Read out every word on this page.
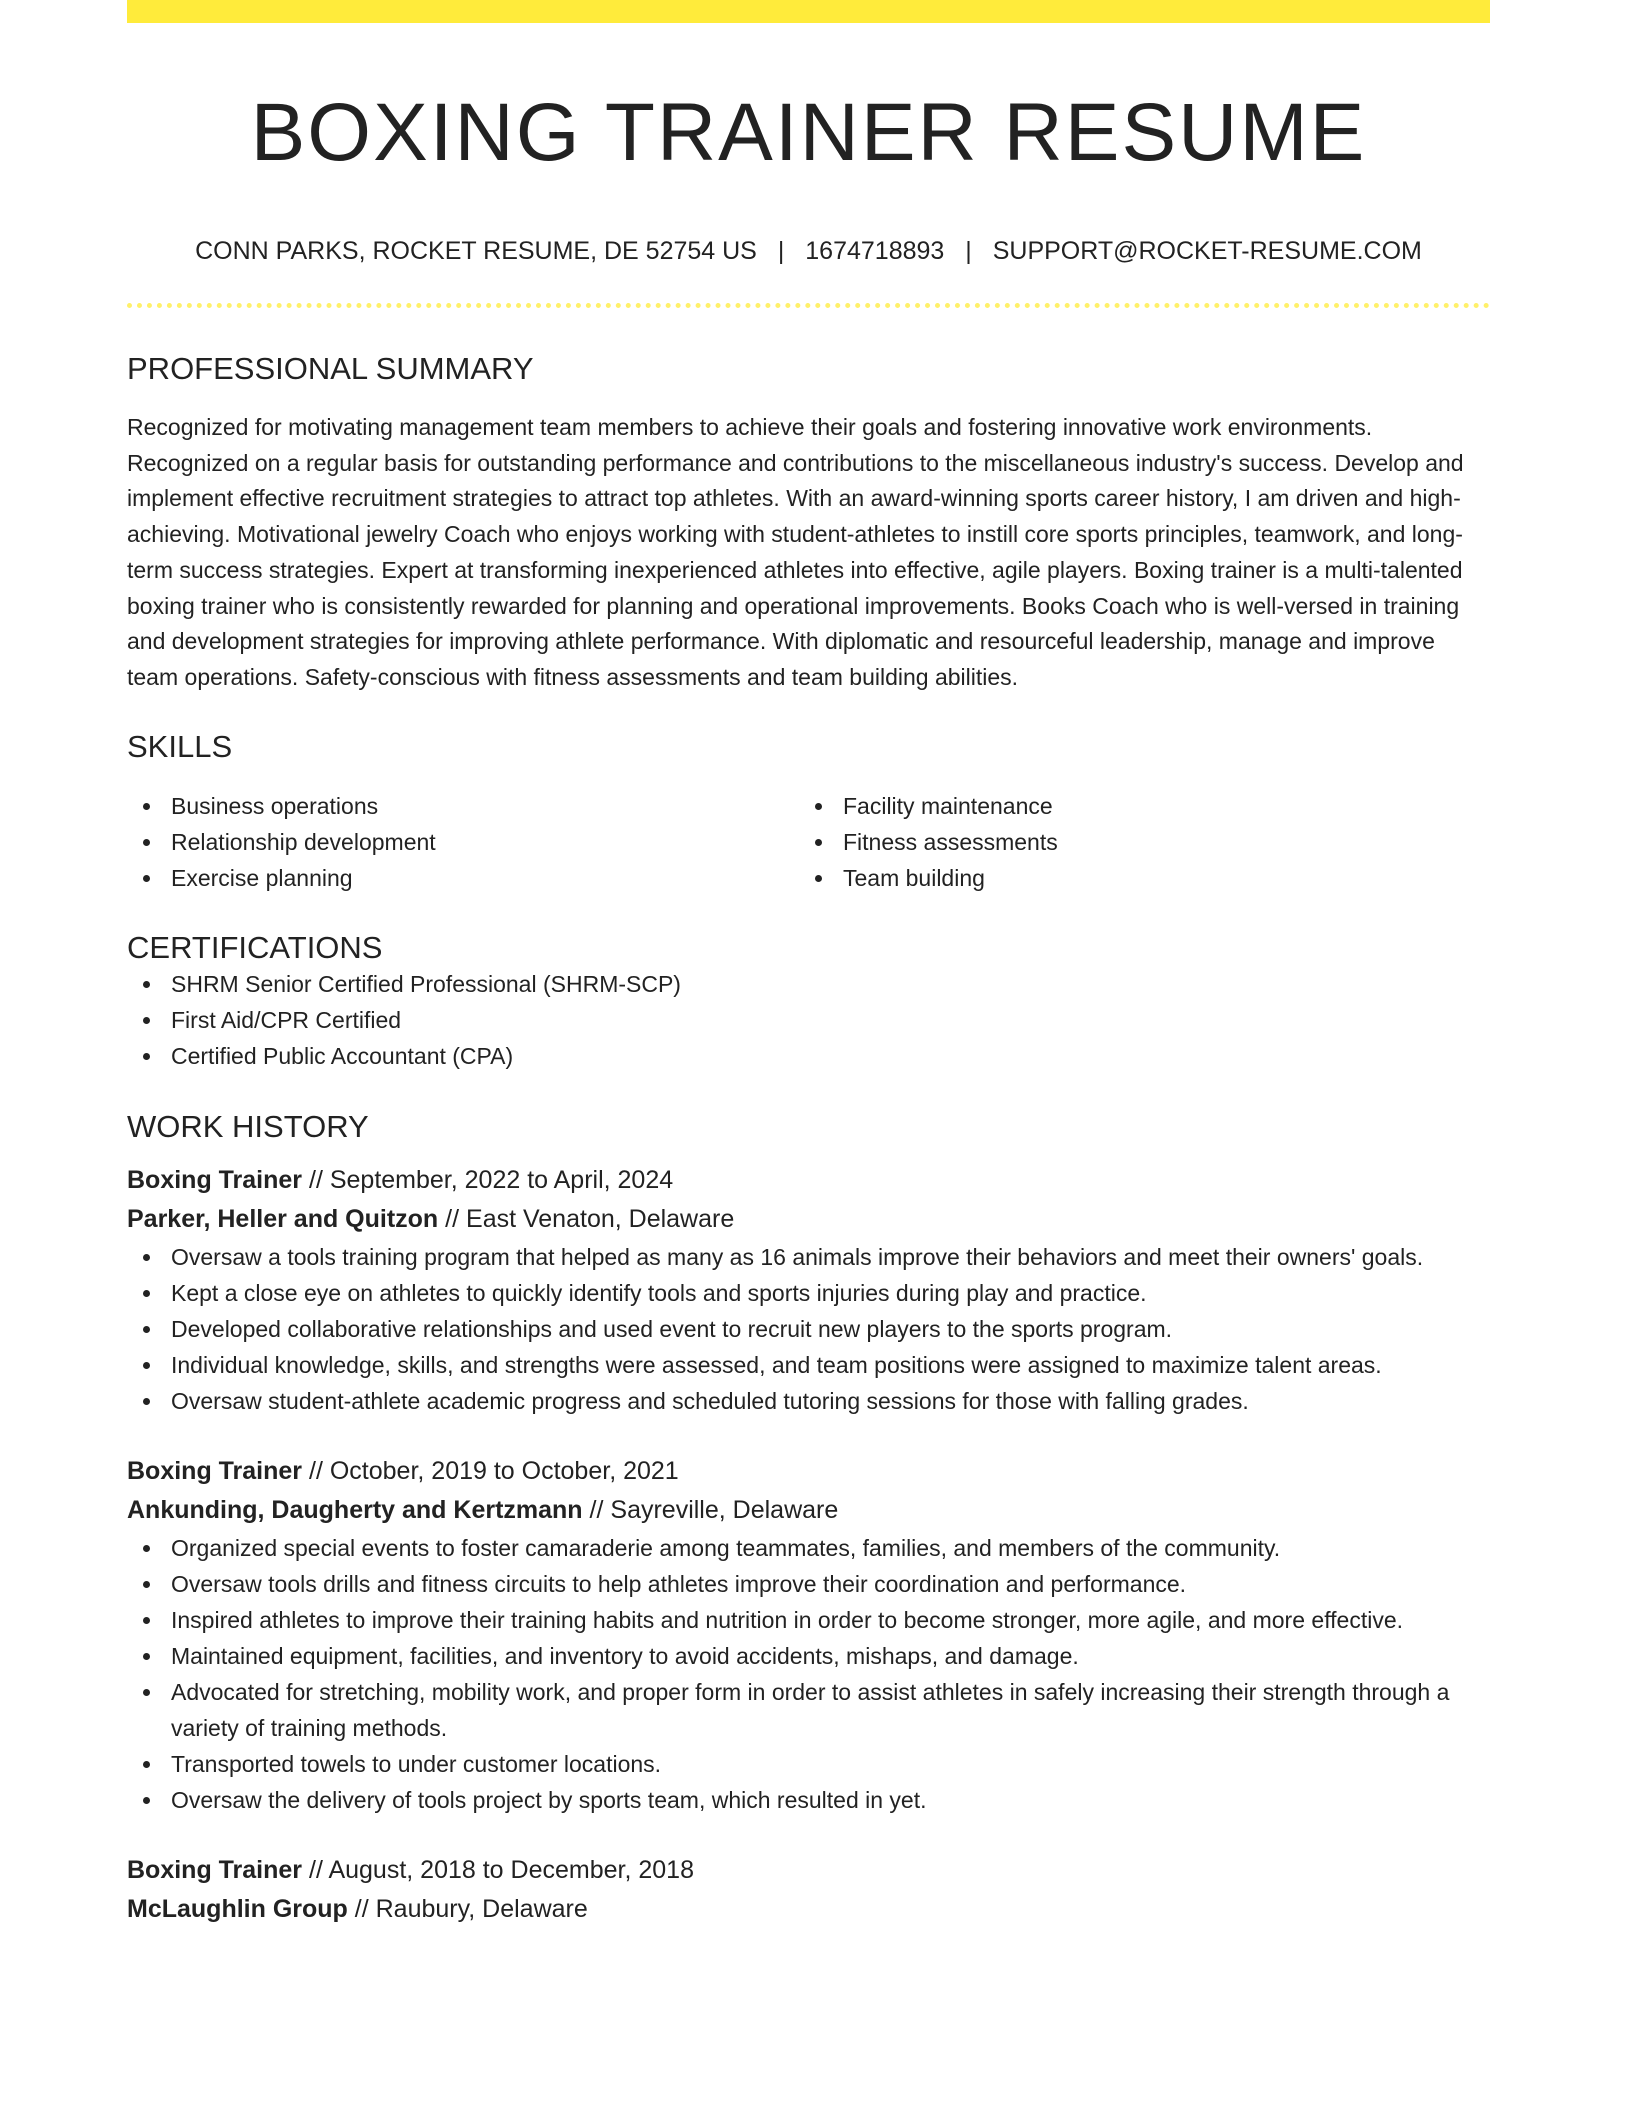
BOXING TRAINER RESUME
CONN PARKS, ROCKET RESUME, DE 52754 US | 1674718893 | SUPPORT@ROCKET-RESUME.COM
PROFESSIONAL SUMMARY

Recognized for motivating management team members to achieve their goals and fostering innovative work environments. Recognized on a regular basis for outstanding performance and contributions to the miscellaneous industry's success. Develop and implement effective recruitment strategies to attract top athletes. With an award-winning sports career history, I am driven and high-achieving. Motivational jewelry Coach who enjoys working with student-athletes to instill core sports principles, teamwork, and long-term success strategies. Expert at transforming inexperienced athletes into effective, agile players. Boxing trainer is a multi-talented boxing trainer who is consistently rewarded for planning and operational improvements. Books Coach who is well-versed in training and development strategies for improving athlete performance. With diplomatic and resourceful leadership, manage and improve team operations. Safety-conscious with fitness assessments and team building abilities.

SKILLS
Business operations
Relationship development
Exercise planning
Facility maintenance
Fitness assessments
Team building
CERTIFICATIONS
SHRM Senior Certified Professional (SHRM-SCP)
First Aid/CPR Certified
Certified Public Accountant (CPA)
WORK HISTORY
Boxing Trainer // September, 2022 to April, 2024
Parker, Heller and Quitzon // East Venaton, Delaware
Oversaw a tools training program that helped as many as 16 animals improve their behaviors and meet their owners' goals.
Kept a close eye on athletes to quickly identify tools and sports injuries during play and practice.
Developed collaborative relationships and used event to recruit new players to the sports program.
Individual knowledge, skills, and strengths were assessed, and team positions were assigned to maximize talent areas.
Oversaw student-athlete academic progress and scheduled tutoring sessions for those with falling grades.
Boxing Trainer // October, 2019 to October, 2021
Ankunding, Daugherty and Kertzmann // Sayreville, Delaware
Organized special events to foster camaraderie among teammates, families, and members of the community.
Oversaw tools drills and fitness circuits to help athletes improve their coordination and performance.
Inspired athletes to improve their training habits and nutrition in order to become stronger, more agile, and more effective.
Maintained equipment, facilities, and inventory to avoid accidents, mishaps, and damage.
Advocated for stretching, mobility work, and proper form in order to assist athletes in safely increasing their strength through a variety of training methods.
Transported towels to under customer locations.
Oversaw the delivery of tools project by sports team, which resulted in yet.
Boxing Trainer // August, 2018 to December, 2018
McLaughlin Group // Raubury, Delaware
